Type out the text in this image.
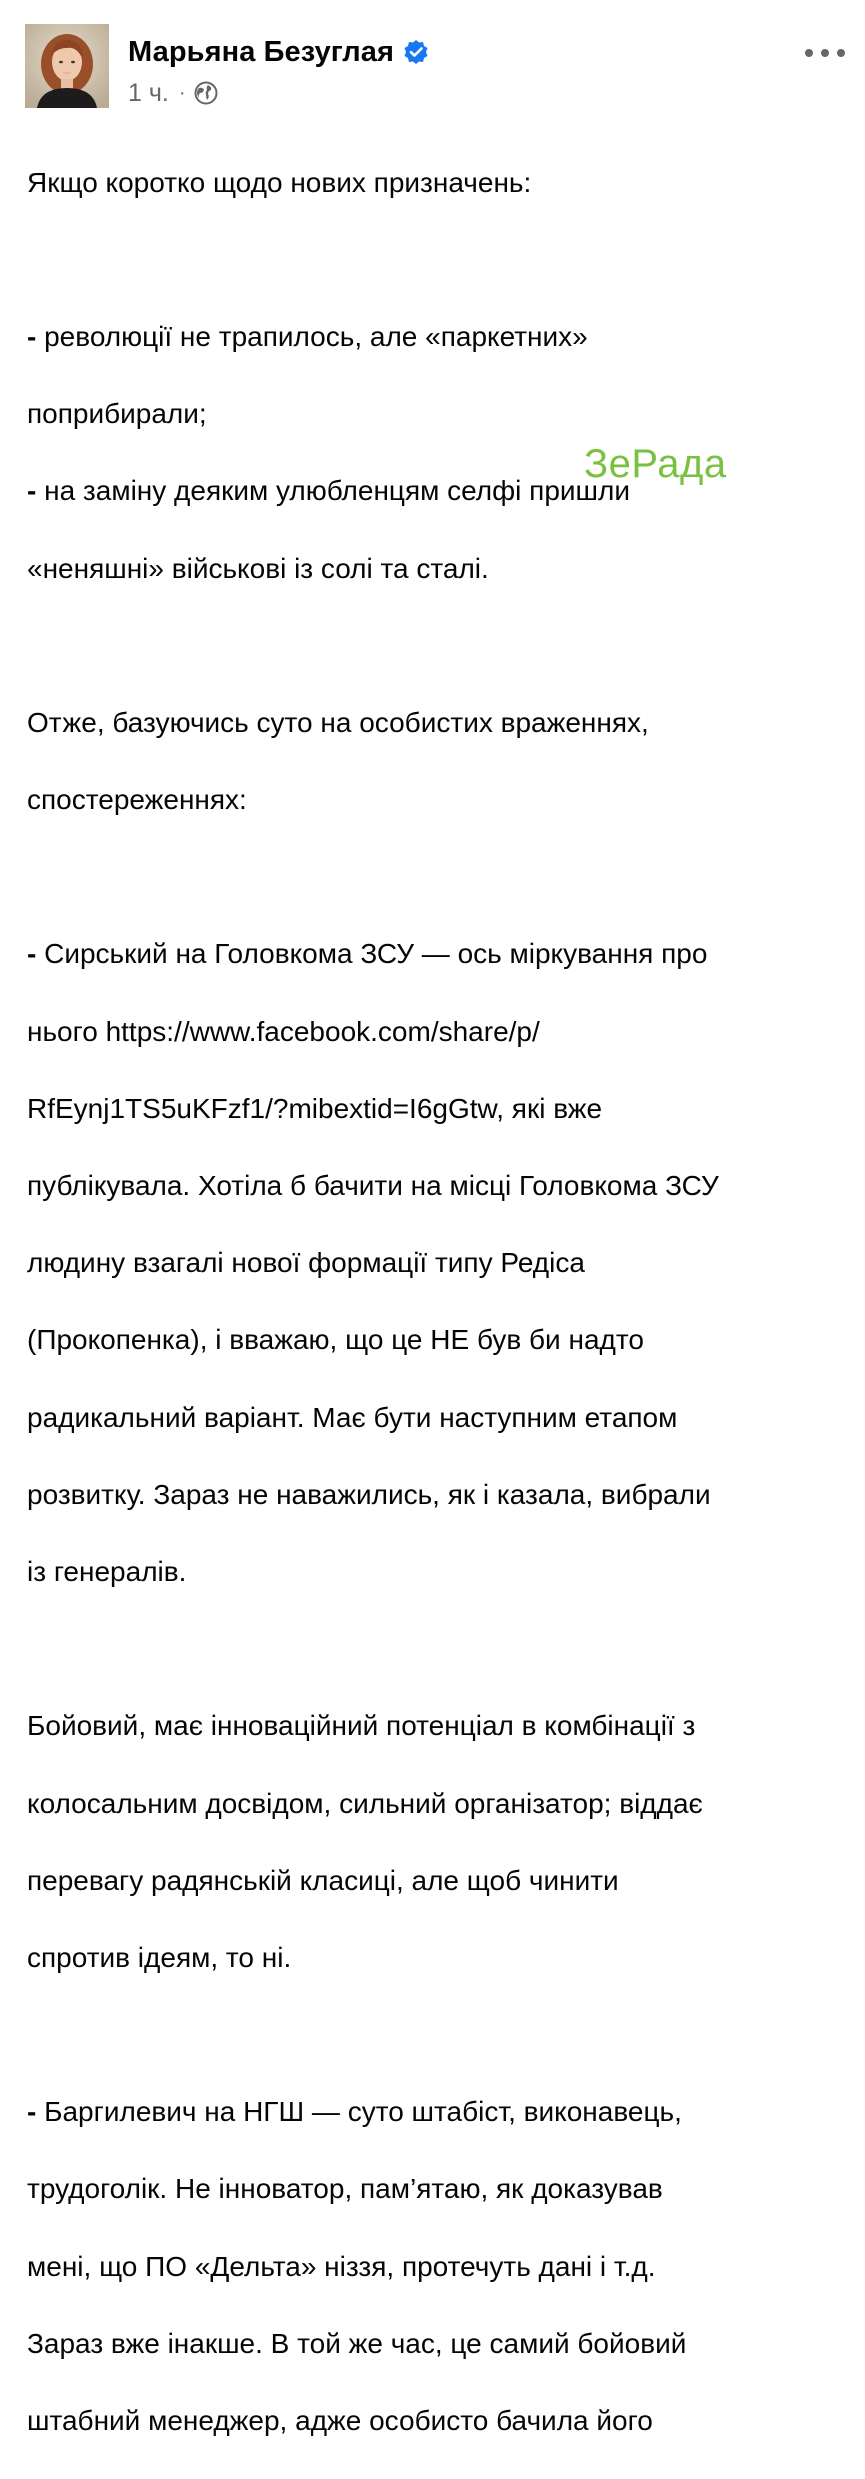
Марьяна Безуглая
1 ч. ·

Якщо коротко щодо нових призначень:

- революції не трапилось, але «паркетних»

поприбирали;

- на заміну деяким улюбленцям селфі пришли

«неняшні» військові із солі та сталі.

Отже, базуючись суто на особистих враженнях,

спостереженнях:

- Сирський на Головкома ЗСУ — ось міркування про

нього https://www.facebook.com/share/p/

RfEynj1TS5uKFzf1/?mibextid=I6gGtw, які вже

публікувала. Хотіла б бачити на місці Головкома ЗСУ

людину взагалі нової формації типу Редіса

(Прокопенка), і вважаю, що це НЕ був би надто

радикальний варіант. Має бути наступним етапом

розвитку. Зараз не наважились, як і казала, вибрали

із генералів.

Бойовий, має інноваційний потенціал в комбінації з

колосальним досвідом, сильний організатор; віддає

перевагу радянській класиці, але щоб чинити

спротив ідеям, то ні.

- Баргилевич на НГШ — суто штабіст, виконавець,

трудоголік. Не інноватор, пам’ятаю, як доказував

мені, що ПО «Дельта» ніззя, протечуть дані і т.д.

Зараз вже інакше. В той же час, це самий бойовий

штабний менеджер, адже особисто бачила його

ЗеРада
